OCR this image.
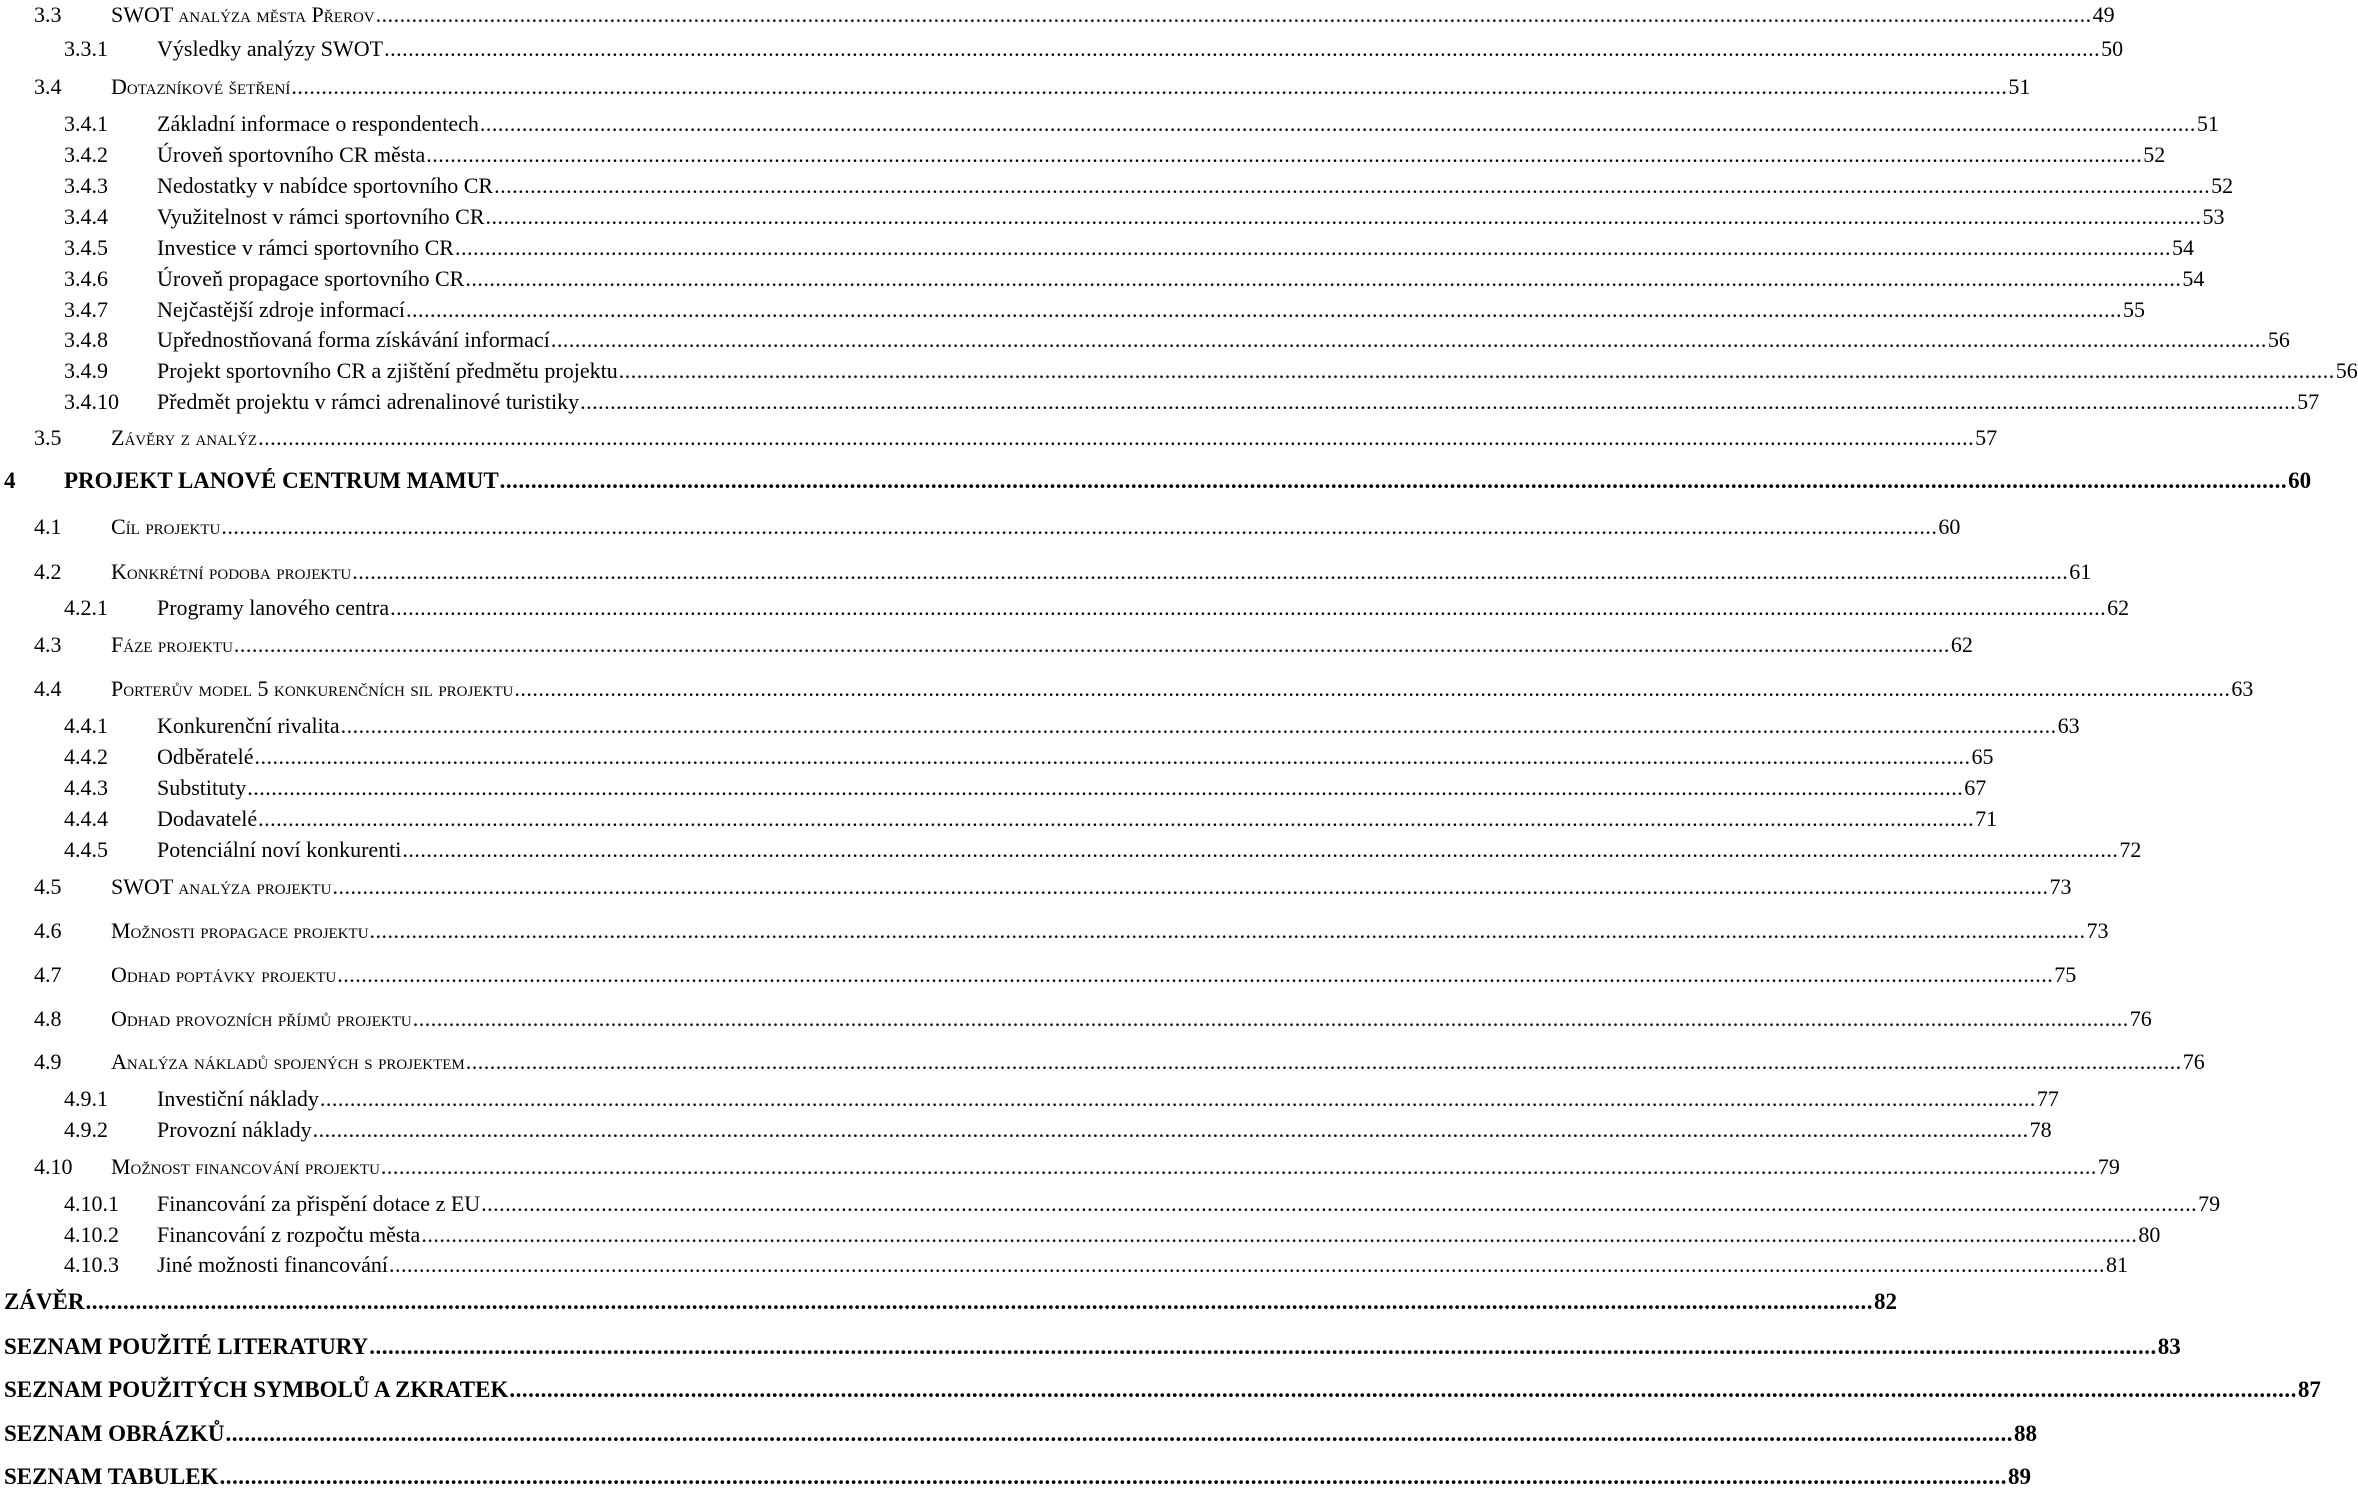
3.3	SWOT analýza města Přerov .....	49
3.3.1	Výsledky analýzy SWOT .....	50
3.4	Dotazníkové šetření .....	51
3.4.1	Základní informace o respondentech .....	51
3.4.2	Úroveň sportovního CR města .....	52
3.4.3	Nedostatky v nabídce sportovního CR .....	52
3.4.4	Využitelnost v rámci sportovního CR .....	53
3.4.5	Investice v rámci sportovního CR .....	54
3.4.6	Úroveň propagace sportovního CR .....	54
3.4.7	Nejčastější zdroje informací .....	55
3.4.8	Upřednostňovaná forma získávání informací .....	56
3.4.9	Projekt sportovního CR a zjištění předmětu projektu .....	56
3.4.10	Předmět projektu v rámci adrenalinové turistiky .....	57
3.5	Závěry z analýz .....	57
4	PROJEKT LANOVÉ CENTRUM MAMUT .....	60
4.1	Cíl projektu .....	60
4.2	Konkrétní podoba projektu .....	61
4.2.1	Programy lanového centra .....	62
4.3	Fáze projektu .....	62
4.4	Porterův model 5 konkurenčních sil projektu .....	63
4.4.1	Konkurenční rivalita .....	63
4.4.2	Odběratelé .....	65
4.4.3	Substituty .....	67
4.4.4	Dodavatelé .....	71
4.4.5	Potenciální noví konkurenti .....	72
4.5	SWOT analýza projektu .....	73
4.6	Možnosti propagace projektu .....	73
4.7	Odhad poptávky projektu .....	75
4.8	Odhad provozních příjmů projektu .....	76
4.9	Analýza nákladů spojených s projektem .....	76
4.9.1	Investiční náklady .....	77
4.9.2	Provozní náklady .....	78
4.10	Možnost financování projektu .....	79
4.10.1	Financování za přispění dotace z EU .....	79
4.10.2	Financování z rozpočtu města .....	80
4.10.3	Jiné možnosti financování .....	81
ZÁVĚR .....	82
SEZNAM POUŽITÉ LITERATURY .....	83
SEZNAM POUŽITÝCH SYMBOLŮ A ZKRATEK .....	87
SEZNAM OBRÁZKŮ .....	88
SEZNAM TABULEK .....	89
